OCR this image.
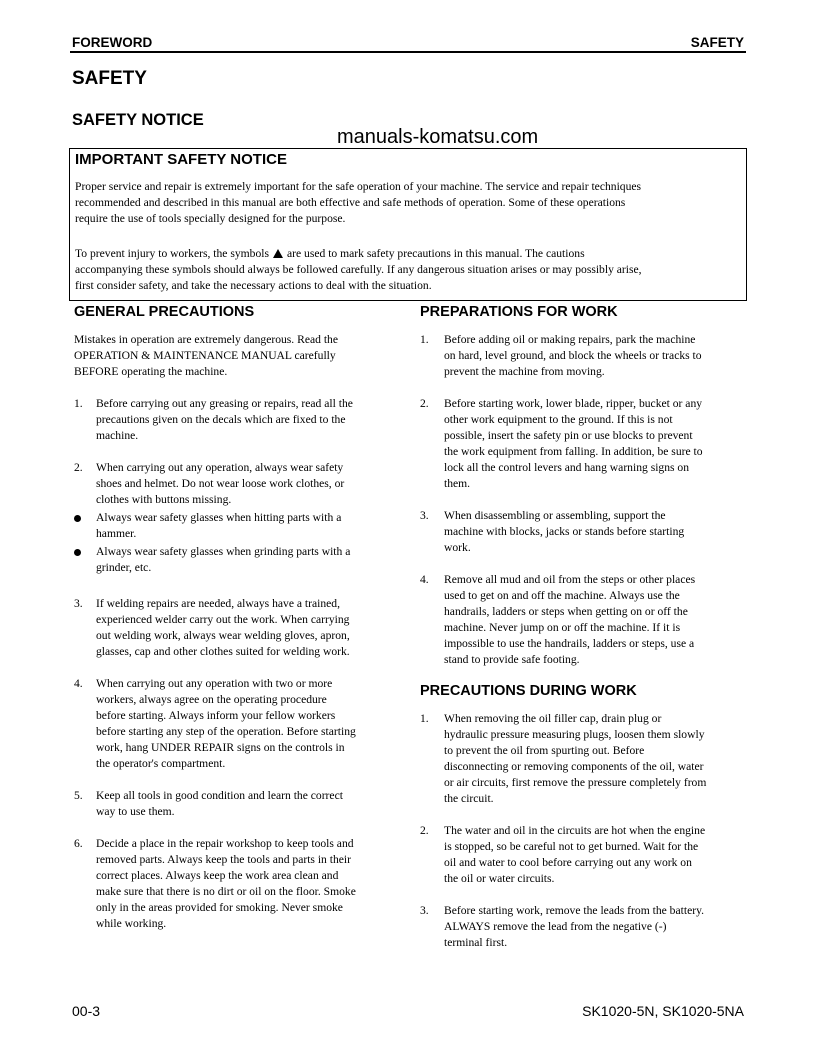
FOREWORD	SAFETY
SAFETY
SAFETY NOTICE
manuals-komatsu.com
IMPORTANT SAFETY NOTICE
Proper service and repair is extremely important for the safe operation of your machine. The service and repair techniques
recommended and described in this manual are both effective and safe methods of operation. Some of these operations
require the use of tools specially designed for the purpose.
To prevent injury to workers, the symbols are used to mark safety precautions in this manual. The cautions
accompanying these symbols should always be followed carefully. If any dangerous situation arises or may possibly arise,
first consider safety, and take the necessary actions to deal with the situation.
GENERAL PRECAUTIONS
Mistakes in operation are extremely dangerous. Read the
OPERATION & MAINTENANCE MANUAL carefully
BEFORE operating the machine.
PREPARATIONS FOR WORK
PRECAUTIONS DURING WORK
1. Before carrying out any greasing or repairs, read all the
precautions given on the decals which are fixed to the
machine.
2. When carrying out any operation, always wear safety
shoes and helmet. Do not wear loose work clothes, or
clothes with buttons missing.
Always wear safety glasses when hitting parts with a
hammer.
Always wear safety glasses when grinding parts with a
grinder, etc.
3. If welding repairs are needed, always have a trained,
experienced welder carry out the work. When carrying
out welding work, always wear welding gloves, apron,
glasses, cap and other clothes suited for welding work.
4. When carrying out any operation with two or more
workers, always agree on the operating procedure
before starting. Always inform your fellow workers
before starting any step of the operation. Before starting
work, hang UNDER REPAIR signs on the controls in
the operator's compartment.
5. Keep all tools in good condition and learn the correct
way to use them.
6. Decide a place in the repair workshop to keep tools and
removed parts. Always keep the tools and parts in their
correct places. Always keep the work area clean and
make sure that there is no dirt or oil on the floor. Smoke
only in the areas provided for smoking. Never smoke
while working.
1. Before adding oil or making repairs, park the machine
on hard, level ground, and block the wheels or tracks to
prevent the machine from moving.
2. Before starting work, lower blade, ripper, bucket or any
other work equipment to the ground. If this is not
possible, insert the safety pin or use blocks to prevent
the work equipment from falling. In addition, be sure to
lock all the control levers and hang warning signs on
them.
3. When disassembling or assembling, support the
machine with blocks, jacks or stands before starting
work.
4. Remove all mud and oil from the steps or other places
used to get on and off the machine. Always use the
handrails, ladders or steps when getting on or off the
machine. Never jump on or off the machine. If it is
impossible to use the handrails, ladders or steps, use a
stand to provide safe footing.
1. When removing the oil filler cap, drain plug or
hydraulic pressure measuring plugs, loosen them slowly
to prevent the oil from spurting out. Before
disconnecting or removing components of the oil, water
or air circuits, first remove the pressure completely from
the circuit.
2. The water and oil in the circuits are hot when the engine
is stopped, so be careful not to get burned. Wait for the
oil and water to cool before carrying out any work on
the oil or water circuits.
3. Before starting work, remove the leads from the battery.
ALWAYS remove the lead from the negative (-)
terminal first.
00-3	SK1020-5N, SK1020-5NA
